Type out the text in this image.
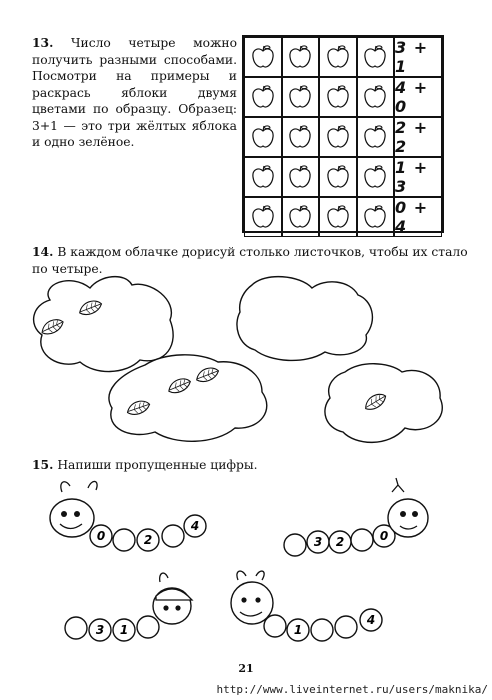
13. Число четыре можно получить разными способами. Посмотри на примеры и раскрась яблоки двумя цветами по образцу. Образец: 3+1 — это три жёлтых яблока и одно зелёное.
3 + 1
4 + 0
2 + 2
1 + 3
0 + 4
14. В каждом облачке дорисуй столько листочков, чтобы их стало по четыре.
15. Напиши пропущенные цифры.
0	2
4
3 2	0
3 1	1
4
21
http://www.liveinternet.ru/users/maknika/
